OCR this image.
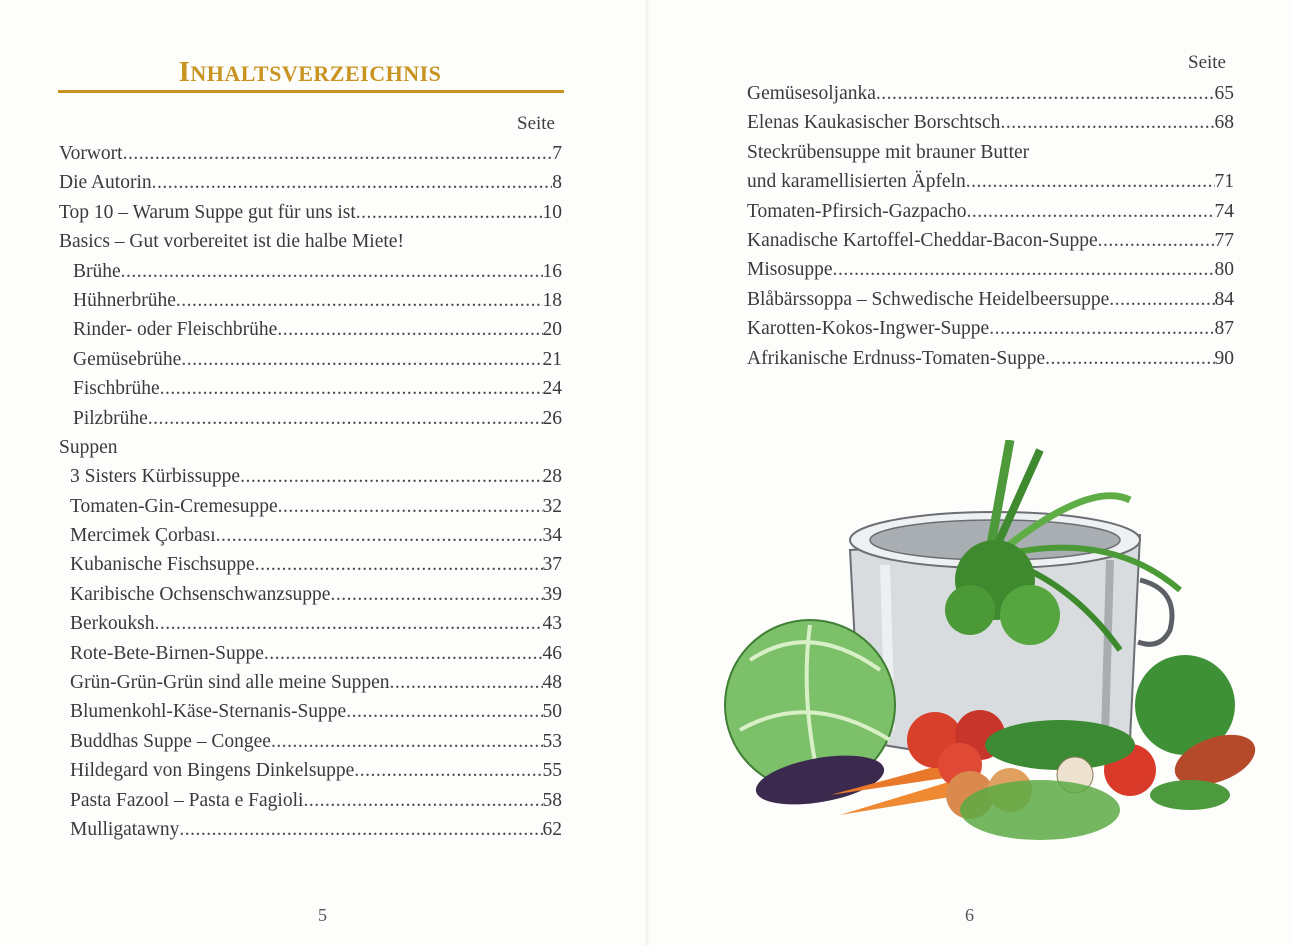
INHALTSVERZEICHNIS
Seite
Vorwort .....	7
Die Autorin .....	8
Top 10 – Warum Suppe gut für uns ist .....	10
Basics – Gut vorbereitet ist die halbe Miete!
Brühe .....	16
Hühnerbrühe .....	18
Rinder- oder Fleischbrühe .....	20
Gemüsebrühe .....	21
Fischbrühe .....	24
Pilzbrühe .....	26
Suppen
3 Sisters Kürbissuppe .....	28
Tomaten-Gin-Cremesuppe .....	32
Mercimek Çorbası .....	34
Kubanische Fischsuppe .....	37
Karibische Ochsenschwanzsuppe .....	39
Berkouksh .....	43
Rote-Bete-Birnen-Suppe .....	46
Grün-Grün-Grün sind alle meine Suppen .....	48
Blumenkohl-Käse-Sternanis-Suppe .....	50
Buddhas Suppe – Congee .....	53
Hildegard von Bingens Dinkelsuppe .....	55
Pasta Fazool – Pasta e Fagioli .....	58
Mulligatawny .....	62
5
Seite
Gemüsesoljanka .....	65
Elenas Kaukasischer Borschtsch .....	68
Steckrübensuppe mit brauner Butter
und karamellisierten Äpfeln .....	71
Tomaten-Pfirsich-Gazpacho .....	74
Kanadische Kartoffel-Cheddar-Bacon-Suppe .....	77
Misosuppe .....	80
Blåbärssoppa – Schwedische Heidelbeersuppe .....	84
Karotten-Kokos-Ingwer-Suppe .....	87
Afrikanische Erdnuss-Tomaten-Suppe .....	90
6
